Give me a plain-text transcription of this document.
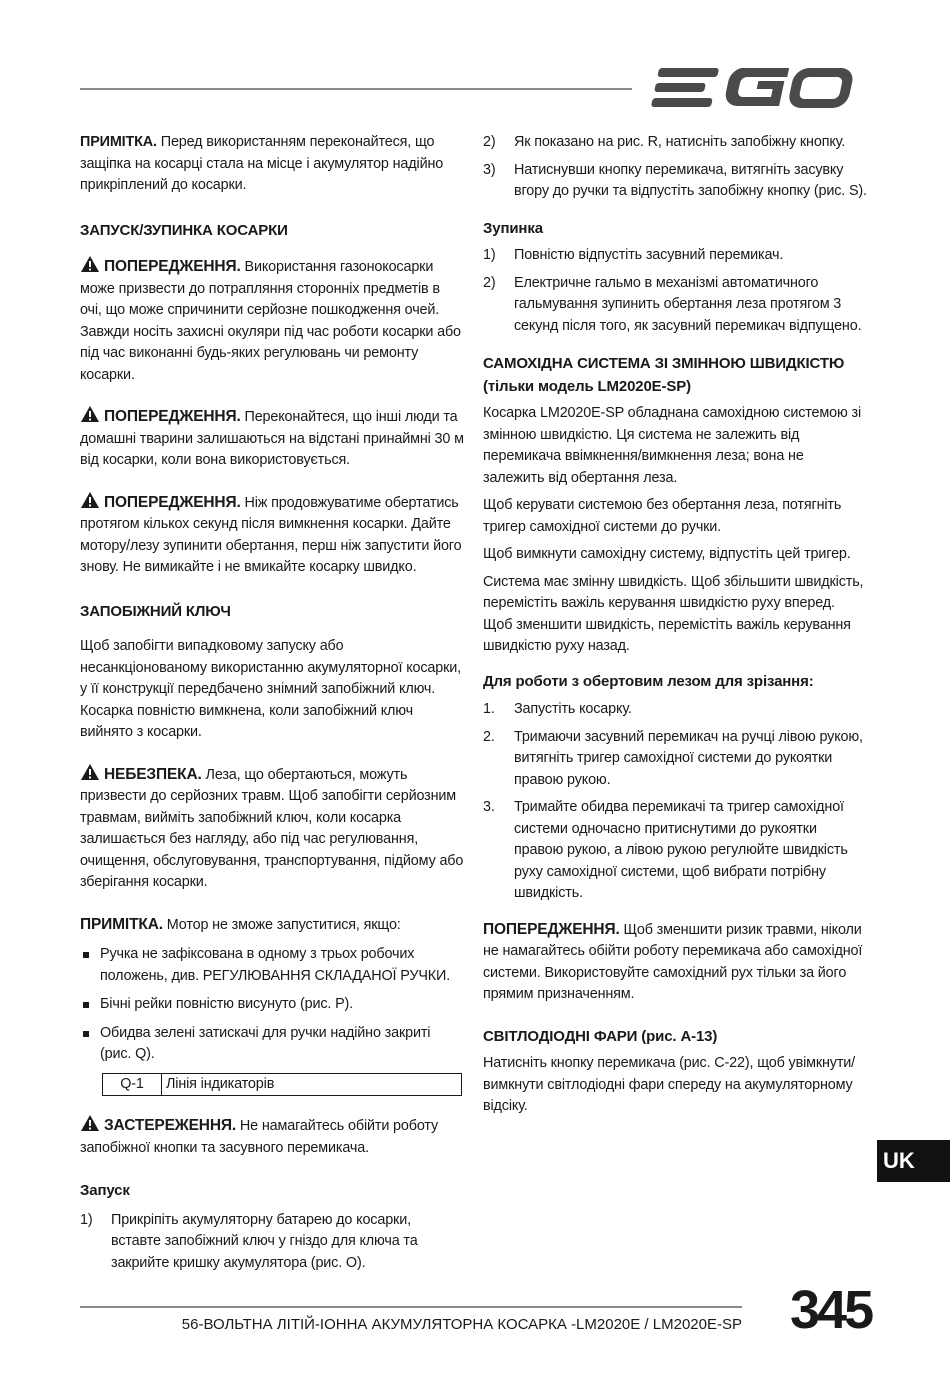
ПРИМІТКА. Перед використанням переконайтеся, що защіпка на косарці стала на місце і акумулятор надійно прикріплений до косарки.

ЗАПУСК/ЗУПИНКА КОСАРКИ

ПОПЕРЕДЖЕННЯ. Використання газонокосарки може призвести до потрапляння сторонніх предметів в очі, що може спричинити серйозне пошкодження очей. Завжди носіть захисні окуляри під час роботи косарки або під час виконанні будь-яких регулювань чи ремонту косарки.

ПОПЕРЕДЖЕННЯ. Переконайтеся, що інші люди та домашні тварини залишаються на відстані принаймні 30 м від косарки, коли вона використовується.

ПОПЕРЕДЖЕННЯ. Ніж продовжуватиме обертатись протягом кількох секунд після вимкнення косарки. Дайте мотору/лезу зупинити обертання, перш ніж запустити його знову. Не вимикайте і не вмикайте косарку швидко.

ЗАПОБІЖНИЙ КЛЮЧ

Щоб запобігти випадковому запуску або несанкціонованому використанню акумуляторної косарки, у її конструкції передбачено знімний запобіжний ключ. Косарка повністю вимкнена, коли запобіжний ключ вийнято з косарки.

НЕБЕЗПЕКА. Леза, що обертаються, можуть призвести до серйозних травм. Щоб запобігти серйозним травмам, вийміть запобіжний ключ, коли косарка залишається без нагляду, або під час регулювання, очищення, обслуговування, транспортування, підйому або зберігання косарки.

ПРИМІТКА. Мотор не зможе запуститися, якщо:

Ручка не зафіксована в одному з трьох робочих положень, див. РЕГУЛЮВАННЯ СКЛАДАНОЇ РУЧКИ.
Бічні рейки повністю висунуто (рис. P).
Обидва зелені затискачі для ручки надійно закриті (рис. Q).
Q-1	Лінія індикаторів

ЗАСТЕРЕЖЕННЯ. Не намагайтесь обійти роботу запобіжної кнопки та засувного перемикача.

Запуск

1) Прикріпіть акумуляторну батарею до косарки, вставте запобіжний ключ у гніздо для ключа та закрийте кришку акумулятора (рис. O).
2) Як показано на рис. R, натисніть запобіжну кнопку.
3) Натиснувши кнопку перемикача, витягніть засувку вгору до ручки та відпустіть запобіжну кнопку (рис. S).

Зупинка

1) Повністю відпустіть засувний перемикач.
2) Електричне гальмо в механізмі автоматичного гальмування зупинить обертання леза протягом 3 секунд після того, як засувний перемикач відпущено.

САМОХІДНА СИСТЕМА ЗІ ЗМІННОЮ ШВИДКІСТЮ (тільки модель LM2020E-SP)

Косарка LM2020E-SP обладнана самохідною системою зі змінною швидкістю. Ця система не залежить від перемикача ввімкнення/вимкнення леза; вона не залежить від обертання леза.

Щоб керувати системою без обертання леза, потягніть тригер самохідної системи до ручки.

Щоб вимкнути самохідну систему, відпустіть цей тригер.

Система має змінну швидкість. Щоб збільшити швидкість, перемістіть важіль керування швидкістю руху вперед. Щоб зменшити швидкість, перемістіть важіль керування швидкістю руху назад.

Для роботи з обертовим лезом для зрізання:

1. Запустіть косарку.
2. Тримаючи засувний перемикач на ручці лівою рукою, витягніть тригер самохідної системи до рукоятки правою рукою.
3. Тримайте обидва перемикачі та тригер самохідної системи одночасно притиснутими до рукоятки правою рукою, а лівою рукою регулюйте швидкість руху самохідної системи, щоб вибрати потрібну швидкість.

ПОПЕРЕДЖЕННЯ. Щоб зменшити ризик травми, ніколи не намагайтесь обійти роботу перемикача або самохідної системи. Використовуйте самохідний рух тільки за його прямим призначенням.

СВІТЛОДІОДНІ ФАРИ (рис. A-13)

Натисніть кнопку перемикача (рис. C-22), щоб увімкнути/вимкнути світлодіодні фари спереду на акумуляторному відсіку.

UK
56-ВОЛЬТНА ЛІТІЙ-ІОННА АКУМУЛЯТОРНА КОСАРКА -LM2020E / LM2020E-SP 345
